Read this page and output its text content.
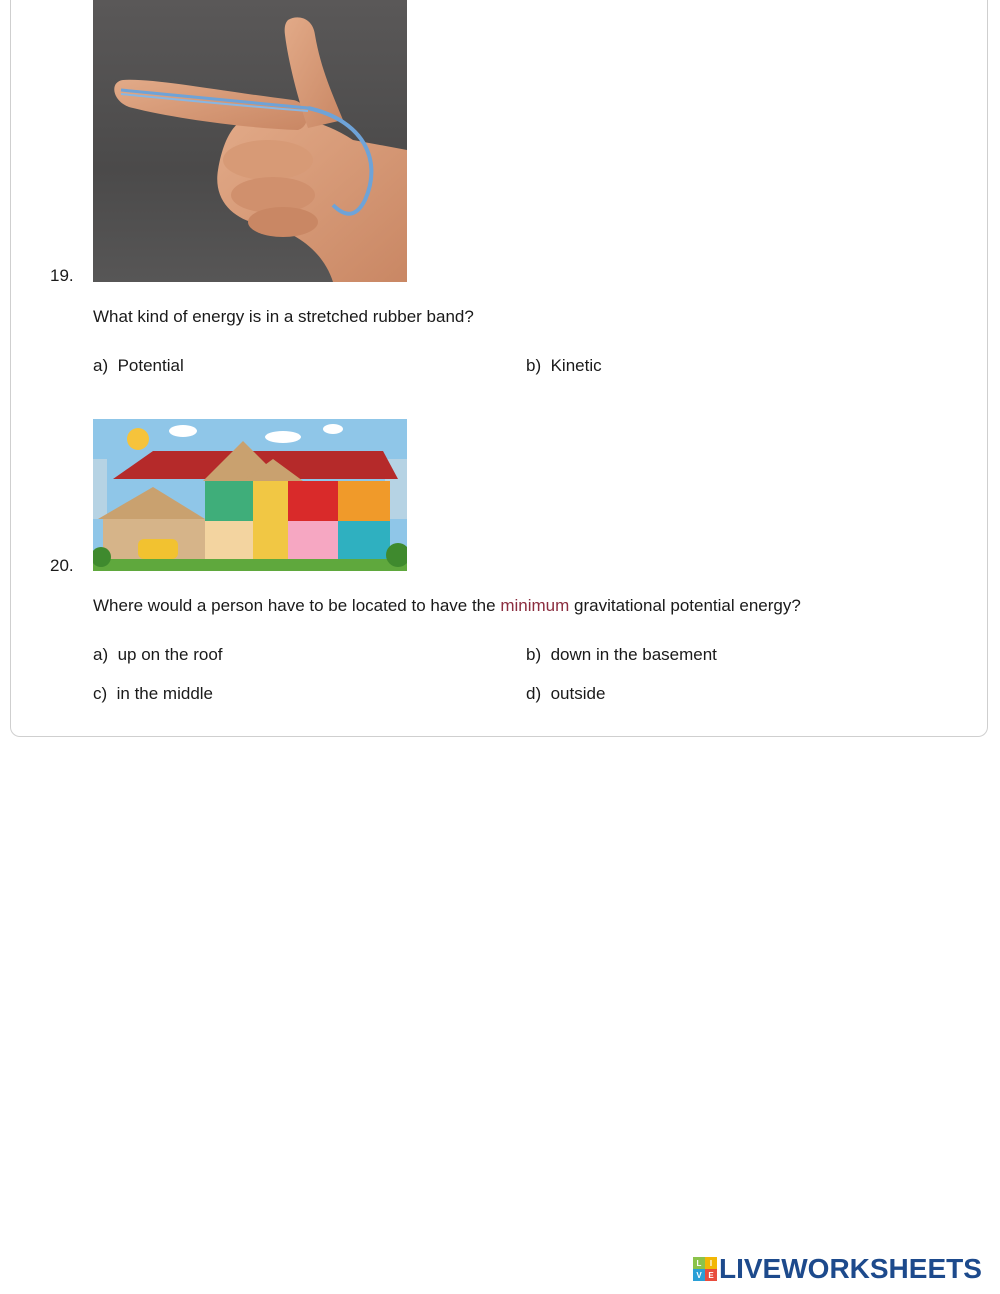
19.
What kind of energy is in a stretched rubber band?
a) Potential	b) Kinetic
20.
Where would a person have to be located to have the minimum gravitational potential energy?
a) up on the roof	b) down in the basement
c) in the middle	d) outside
L	I
V E LIVEWORKSHEETS
